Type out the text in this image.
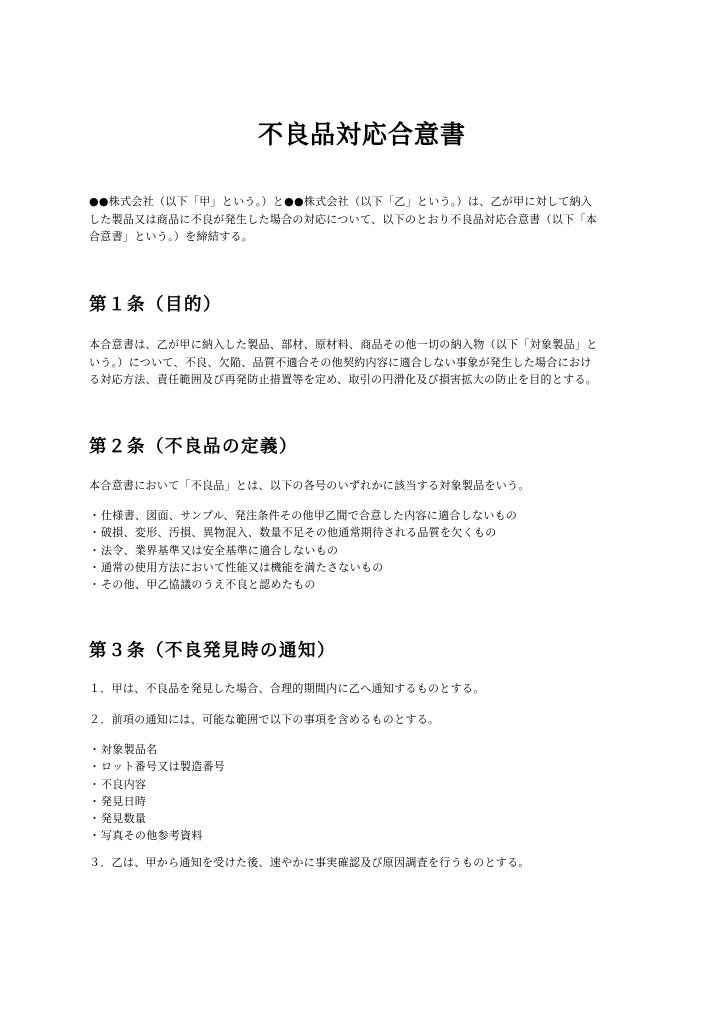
不良品対応合意書

●●株式会社（以下「甲」という。）と●●株式会社（以下「乙」という。）は、乙が甲に対して納入
した製品又は商品に不良が発生した場合の対応について、以下のとおり不良品対応合意書（以下「本
合意書」という。）を締結する。

第１条（目的）

本合意書は、乙が甲に納入した製品、部材、原材料、商品その他一切の納入物（以下「対象製品」と
いう。）について、不良、欠陥、品質不適合その他契約内容に適合しない事象が発生した場合におけ
る対応方法、責任範囲及び再発防止措置等を定め、取引の円滑化及び損害拡大の防止を目的とする。

第２条（不良品の定義）

本合意書において「不良品」とは、以下の各号のいずれかに該当する対象製品をいう。

・仕様書、図面、サンプル、発注条件その他甲乙間で合意した内容に適合しないもの
・破損、変形、汚損、異物混入、数量不足その他通常期待される品質を欠くもの
・法令、業界基準又は安全基準に適合しないもの
・通常の使用方法において性能又は機能を満たさないもの
・その他、甲乙協議のうえ不良と認めたもの
第３条（不良発見時の通知）

１．甲は、不良品を発見した場合、合理的期間内に乙へ通知するものとする。

２．前項の通知には、可能な範囲で以下の事項を含めるものとする。

・対象製品名
・ロット番号又は製造番号
・不良内容
・発見日時
・発見数量
・写真その他参考資料

３．乙は、甲から通知を受けた後、速やかに事実確認及び原因調査を行うものとする。
